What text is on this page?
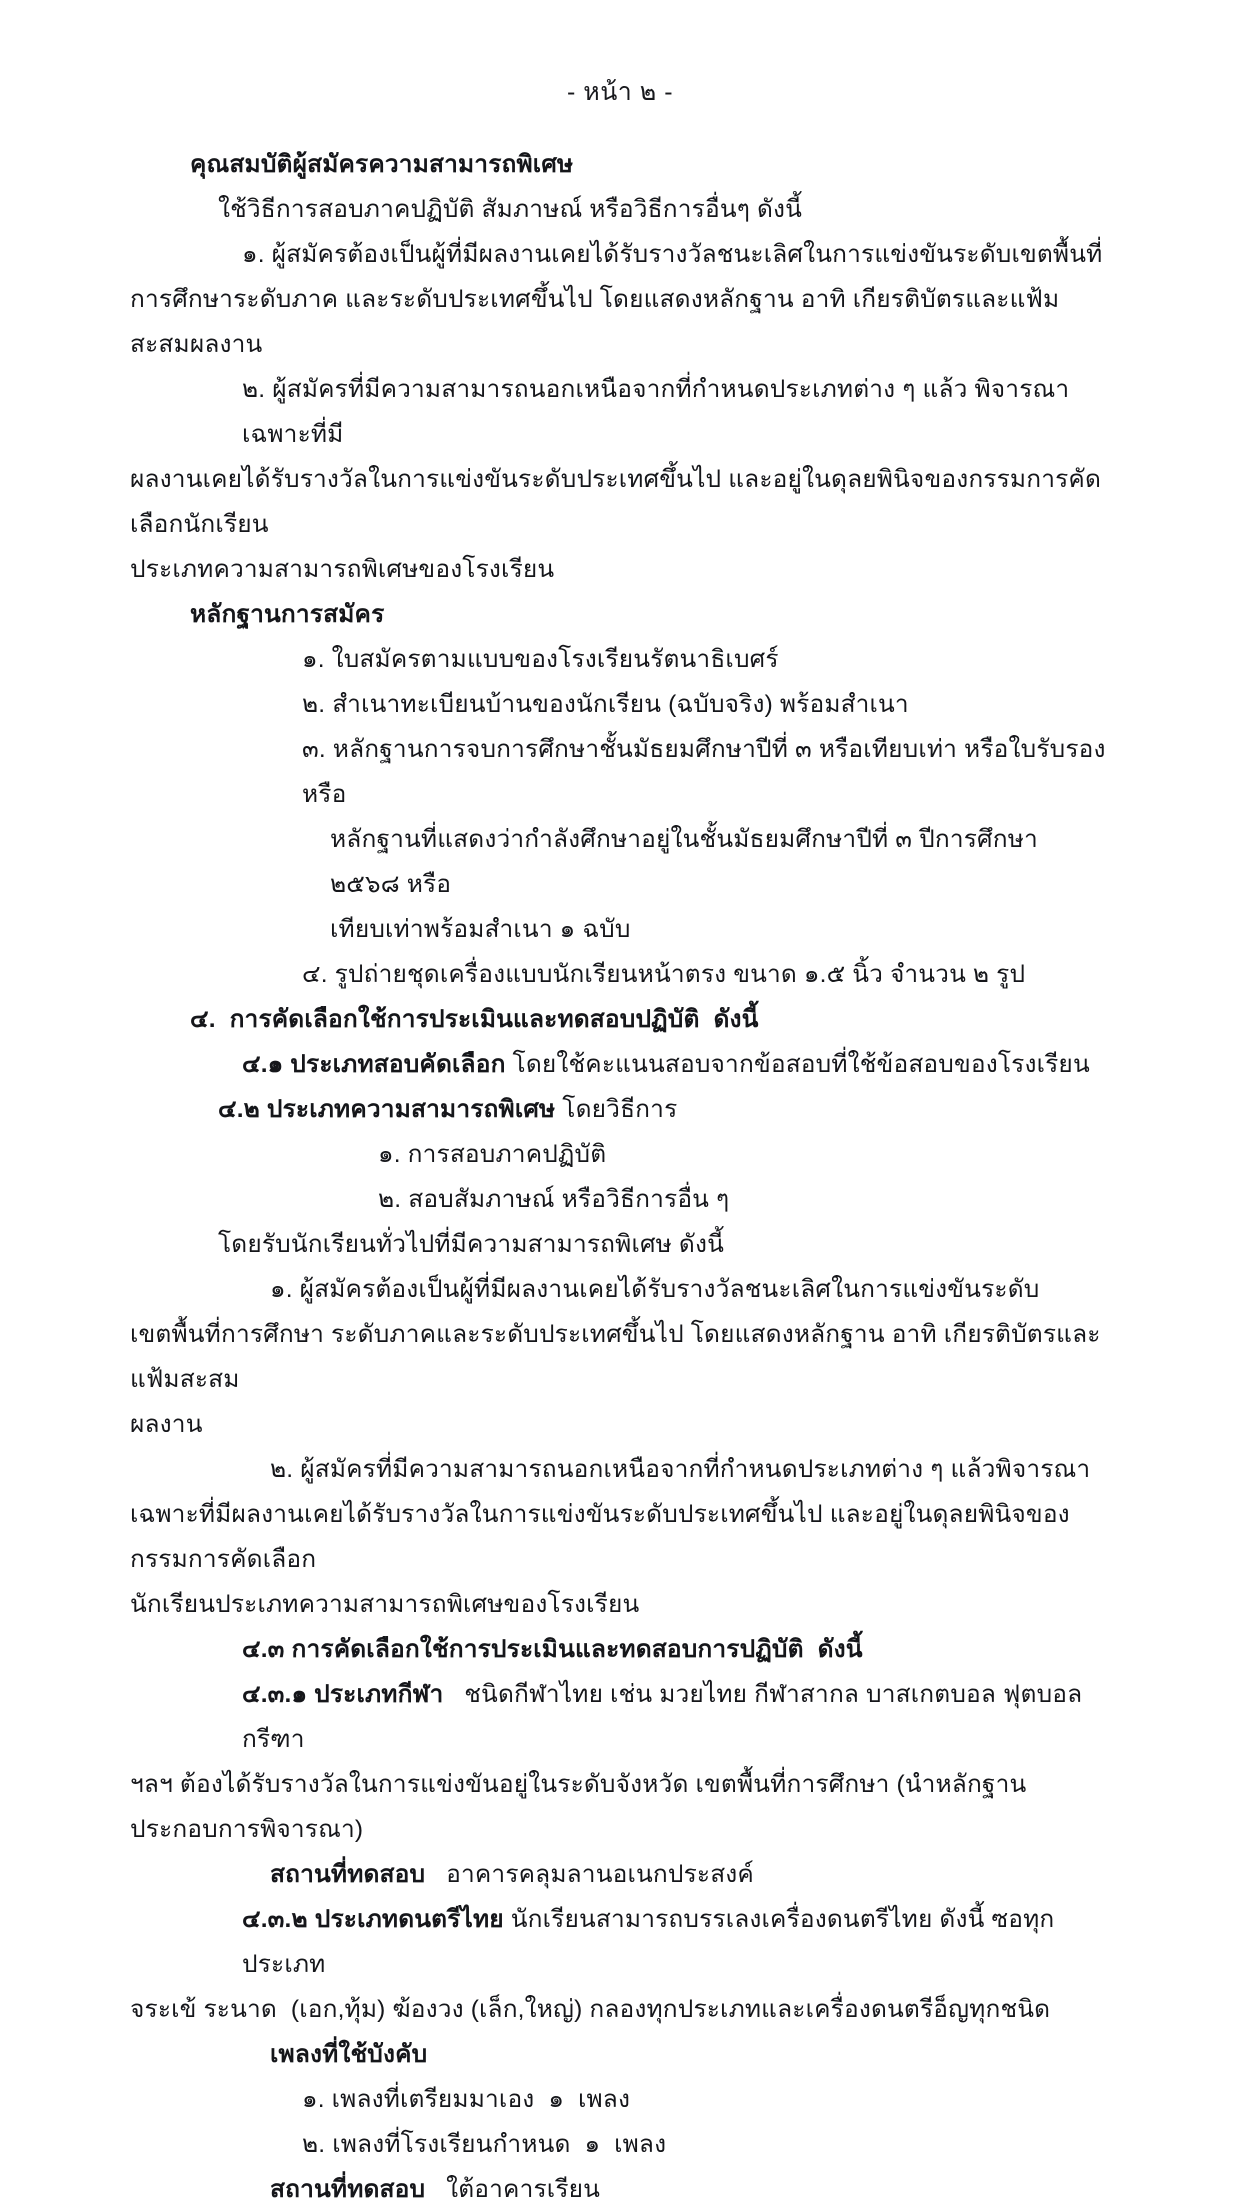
- หน้า ๒ -
คุณสมบัติผู้สมัครความสามารถพิเศษ
ใช้วิธีการสอบภาคปฏิบัติ สัมภาษณ์ หรือวิธีการอื่นๆ ดังนี้
๑. ผู้สมัครต้องเป็นผู้ที่มีผลงานเคยได้รับรางวัลชนะเลิศในการแข่งขันระดับเขตพื้นที่
การศึกษาระดับภาค และระดับประเทศขึ้นไป โดยแสดงหลักฐาน อาทิ เกียรติบัตรและแฟ้มสะสมผลงาน
๒. ผู้สมัครที่มีความสามารถนอกเหนือจากที่กำหนดประเภทต่าง ๆ แล้ว พิจารณาเฉพาะที่มี
ผลงานเคยได้รับรางวัลในการแข่งขันระดับประเทศขึ้นไป และอยู่ในดุลยพินิจของกรรมการคัดเลือกนักเรียน
ประเภทความสามารถพิเศษของโรงเรียน
หลักฐานการสมัคร
๑. ใบสมัครตามแบบของโรงเรียนรัตนาธิเบศร์
๒. สำเนาทะเบียนบ้านของนักเรียน (ฉบับจริง) พร้อมสำเนา
๓. หลักฐานการจบการศึกษาชั้นมัธยมศึกษาปีที่ ๓ หรือเทียบเท่า หรือใบรับรอง หรือ
หลักฐานที่แสดงว่ากำลังศึกษาอยู่ในชั้นมัธยมศึกษาปีที่ ๓ ปีการศึกษา ๒๕๖๘ หรือ
เทียบเท่าพร้อมสำเนา ๑ ฉบับ
๔. รูปถ่ายชุดเครื่องแบบนักเรียนหน้าตรง ขนาด ๑.๕ นิ้ว จำนวน ๒ รูป
๔.  การคัดเลือกใช้การประเมินและทดสอบปฏิบัติ  ดังนี้
๔.๑ ประเภทสอบคัดเลือก โดยใช้คะแนนสอบจากข้อสอบที่ใช้ข้อสอบของโรงเรียน
๔.๒ ประเภทความสามารถพิเศษ โดยวิธีการ
๑. การสอบภาคปฏิบัติ
๒. สอบสัมภาษณ์ หรือวิธีการอื่น ๆ
โดยรับนักเรียนทั่วไปที่มีความสามารถพิเศษ ดังนี้
๑. ผู้สมัครต้องเป็นผู้ที่มีผลงานเคยได้รับรางวัลชนะเลิศในการแข่งขันระดับ
เขตพื้นที่การศึกษา ระดับภาคและระดับประเทศขึ้นไป โดยแสดงหลักฐาน อาทิ เกียรติบัตรและแฟ้มสะสม
ผลงาน
๒. ผู้สมัครที่มีความสามารถนอกเหนือจากที่กำหนดประเภทต่าง ๆ แล้วพิจารณา
เฉพาะที่มีผลงานเคยได้รับรางวัลในการแข่งขันระดับประเทศขึ้นไป และอยู่ในดุลยพินิจของกรรมการคัดเลือก
นักเรียนประเภทความสามารถพิเศษของโรงเรียน
๔.๓ การคัดเลือกใช้การประเมินและทดสอบการปฏิบัติ  ดังนี้
๔.๓.๑ ประเภทกีฬา   ชนิดกีฬาไทย เช่น มวยไทย กีฬาสากล บาสเกตบอล ฟุตบอล กรีฑา
ฯลฯ ต้องได้รับรางวัลในการแข่งขันอยู่ในระดับจังหวัด เขตพื้นที่การศึกษา (นำหลักฐานประกอบการพิจารณา)
สถานที่ทดสอบ   อาคารคลุมลานอเนกประสงค์
๔.๓.๒ ประเภทดนตรีไทย นักเรียนสามารถบรรเลงเครื่องดนตรีไทย ดังนี้ ซอทุกประเภท
จระเข้ ระนาด  (เอก,ทุ้ม) ฆ้องวง (เล็ก,ใหญ่) กลองทุกประเภทและเครื่องดนตรีอ็ญทุกชนิด
เพลงที่ใช้บังคับ
๑. เพลงที่เตรียมมาเอง  ๑  เพลง
๒. เพลงที่โรงเรียนกำหนด  ๑  เพลง
สถานที่ทดสอบ   ใต้อาคารเรียน
